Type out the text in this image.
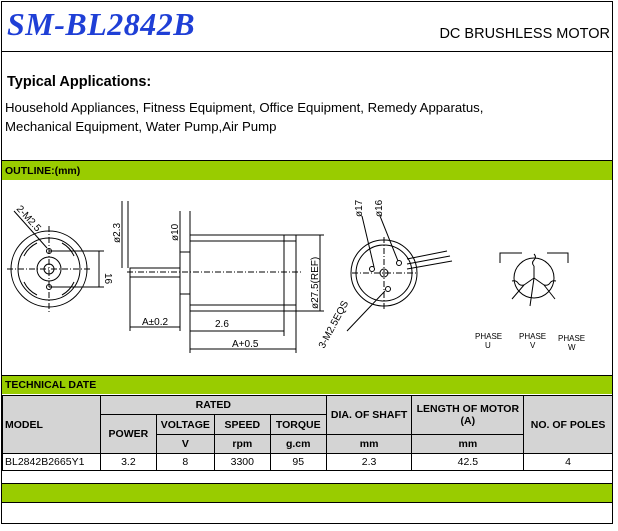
SM-BL2842B	DC BRUSHLESS MOTOR
Typical Applications:
Household Appliances, Fitness Equipment, Office Equipment, Remedy Apparatus,
Mechanical Equipment, Water Pump,Air Pump
OUTLINE:(mm)
2-M2.5
16
ø2.3	ø10
ø27.5(REF)
A±0.2	2.6
A+0.5
ø17 ø16
3-M2.5EQS	PHASE
U
PHASE
V
PHASE
W
TECHNICAL DATE
MODEL	RATED				DIA. OF SHAFT	LENGTH OF MOTOR (A)	NO. OF POLES
	POWER	VOLTAGE	SPEED	TORQUE			
		V	rpm	g.cm	mm	mm	
BL2842B2665Y1	3.2	8	3300	95	2.3	42.5	4
